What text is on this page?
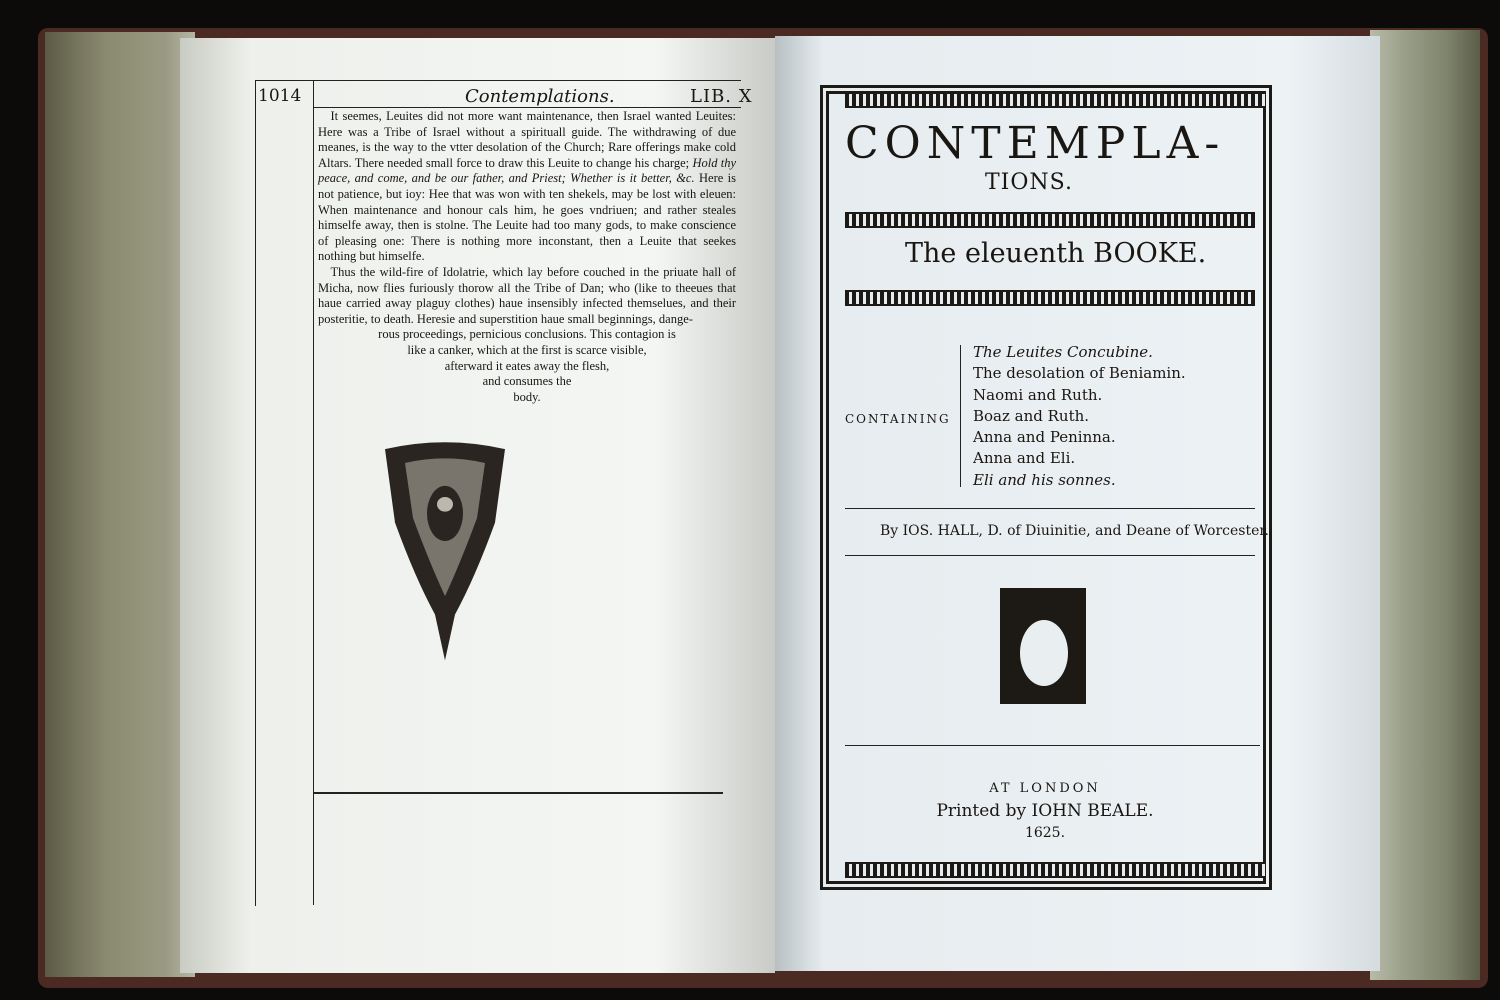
1014	Contemplations.	LIB. X

 It seemes, Leuites did not more want maintenance, then Israel wanted Leuites: Here was a Tribe of Israel without a spirituall guide. The withdrawing of due meanes, is the way to the vtter desolation of the Church; Rare offerings make cold Altars. There needed small force to draw this Leuite to change his charge; Hold thy peace, and come, and be our father, and Priest; Whether is it better, &c. Here is not patience, but ioy: Hee that was won with ten shekels, may be lost with eleuen: When maintenance and honour cals him, he goes vndriuen; and rather steales himselfe away, then is stolne. The Leuite had too many gods, to make conscience of pleasing one: There is nothing more inconstant, then a Leuite that seekes nothing but himselfe.

 Thus the wild-fire of Idolatrie, which lay before couched in the priuate hall of Micha, now flies furiously thorow all the Tribe of Dan; who (like to theeues that haue carried away plaguy clothes) haue insensibly infected themselues, and their posteritie, to death. Heresie and superstition haue small beginnings, dange-

rous proceedings, pernicious conclusions. This contagion is

like a canker, which at the first is scarce visible,

afterward it eates away the flesh,

and consumes the

body.

CONTEMPLA-
TIONS.
The eleuenth BOOKE.
CONTAINING
The Leuites Concubine.
The desolation of Beniamin.
Naomi and Ruth.
Boaz and Ruth.
Anna and Peninna.
Anna and Eli.
Eli and his sonnes.
By IOS. HALL, D. of Diuinitie, and Deane of Worcester.
AT LONDON
Printed by IOHN BEALE.
1625.
